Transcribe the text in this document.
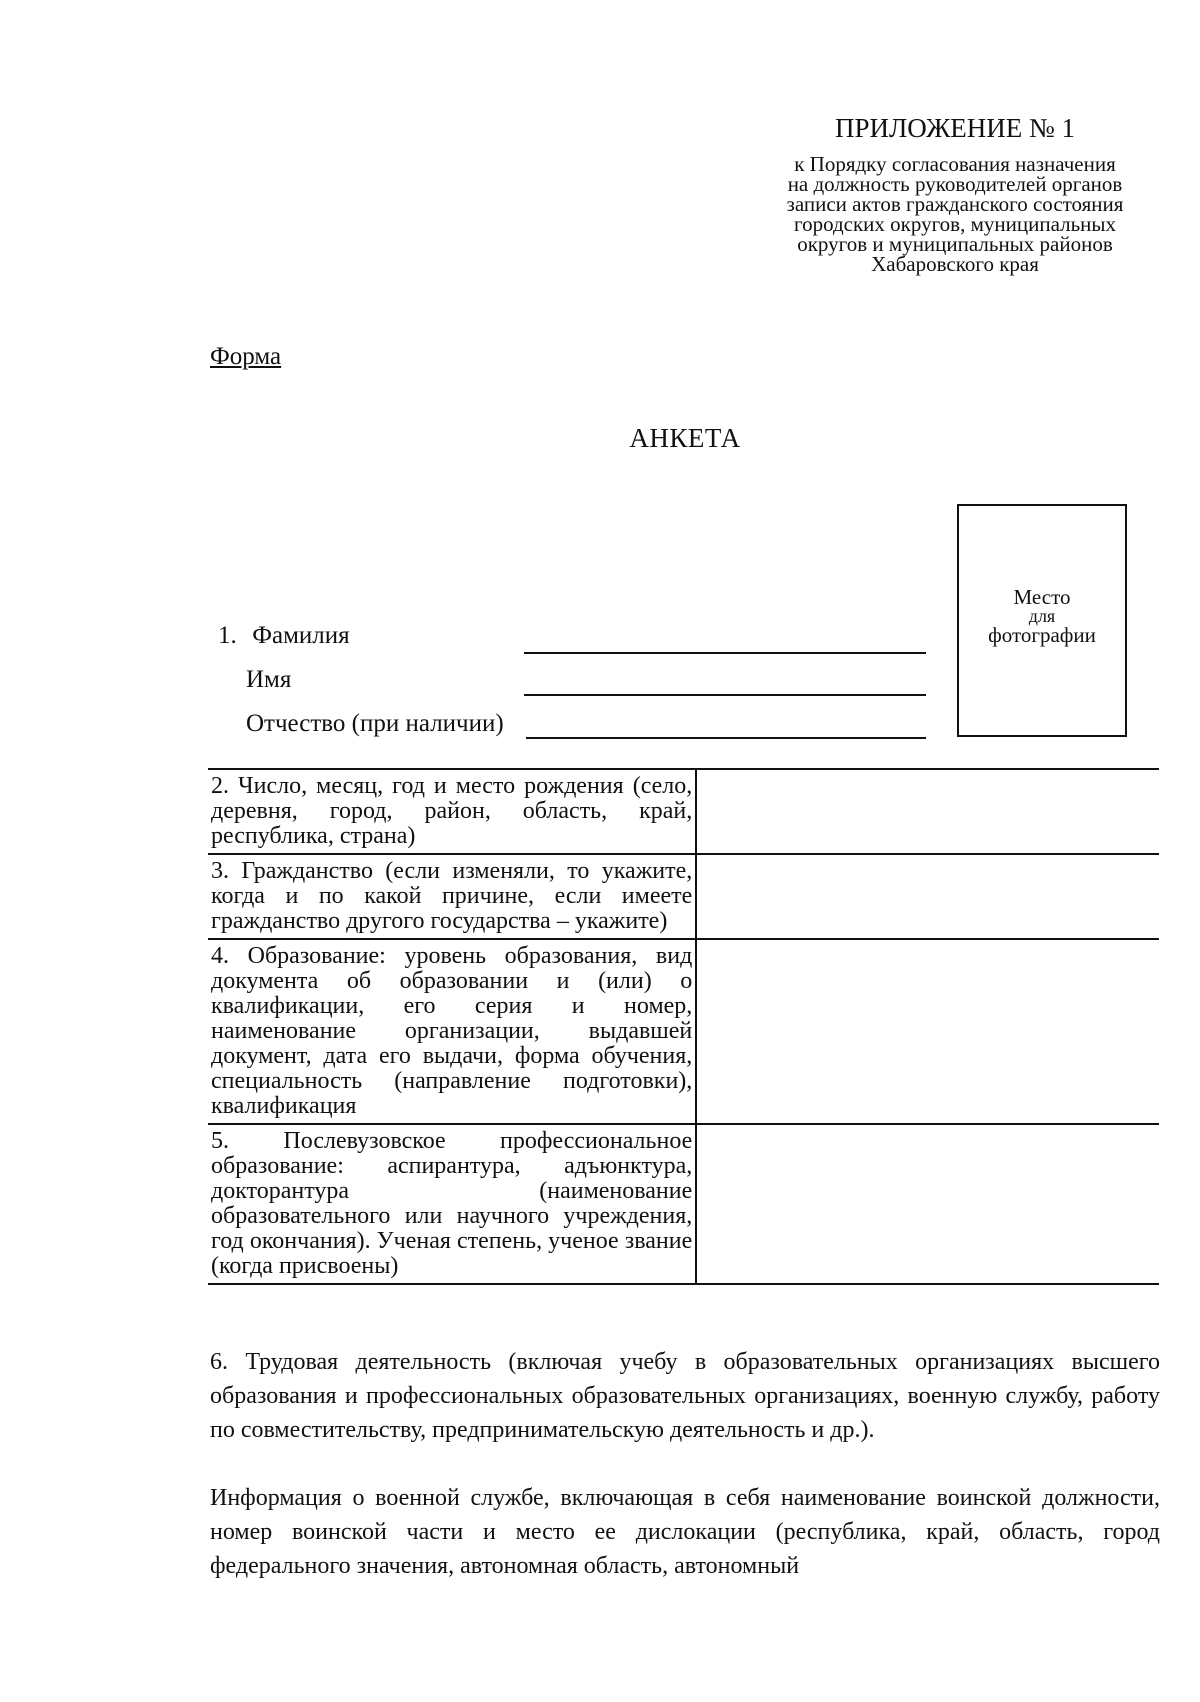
ПРИЛОЖЕНИЕ № 1
к Порядку согласования назначения
на должность руководителей органов
записи актов гражданского состояния
городских округов, муниципальных
округов и муниципальных районов
Хабаровского края
Форма
АНКЕТА
Место
для
фотографии
1. Фамилия
Имя
Отчество (при наличии)
2. Число, месяц, год и место рождения (село, деревня, город, район, область, край, республика, страна)	
3. Гражданство (если изменяли, то укажите, когда и по какой причине, если имеете гражданство другого государства – укажите)	
4. Образование: уровень образования, вид документа об образовании и (или) о квалификации, его серия и номер, наименование организации, выдавшей документ, дата его выдачи, форма обучения, специальность (направление подготовки), квалификация	
5. Послевузовское профессиональное образование: аспирантура, адъюнктура, докторантура (наименование образовательного или научного учреждения, год окончания). Ученая степень, ученое звание (когда присвоены)	
6. Трудовая деятельность (включая учебу в образовательных организациях высшего образования и профессиональных образовательных организациях, военную службу, работу по совместительству, предпринимательскую деятельность и др.).
Информация о военной службе, включающая в себя наименование воинской должности, номер воинской части и место ее дислокации (республика, край, область, город федерального значения, автономная область, автономный
